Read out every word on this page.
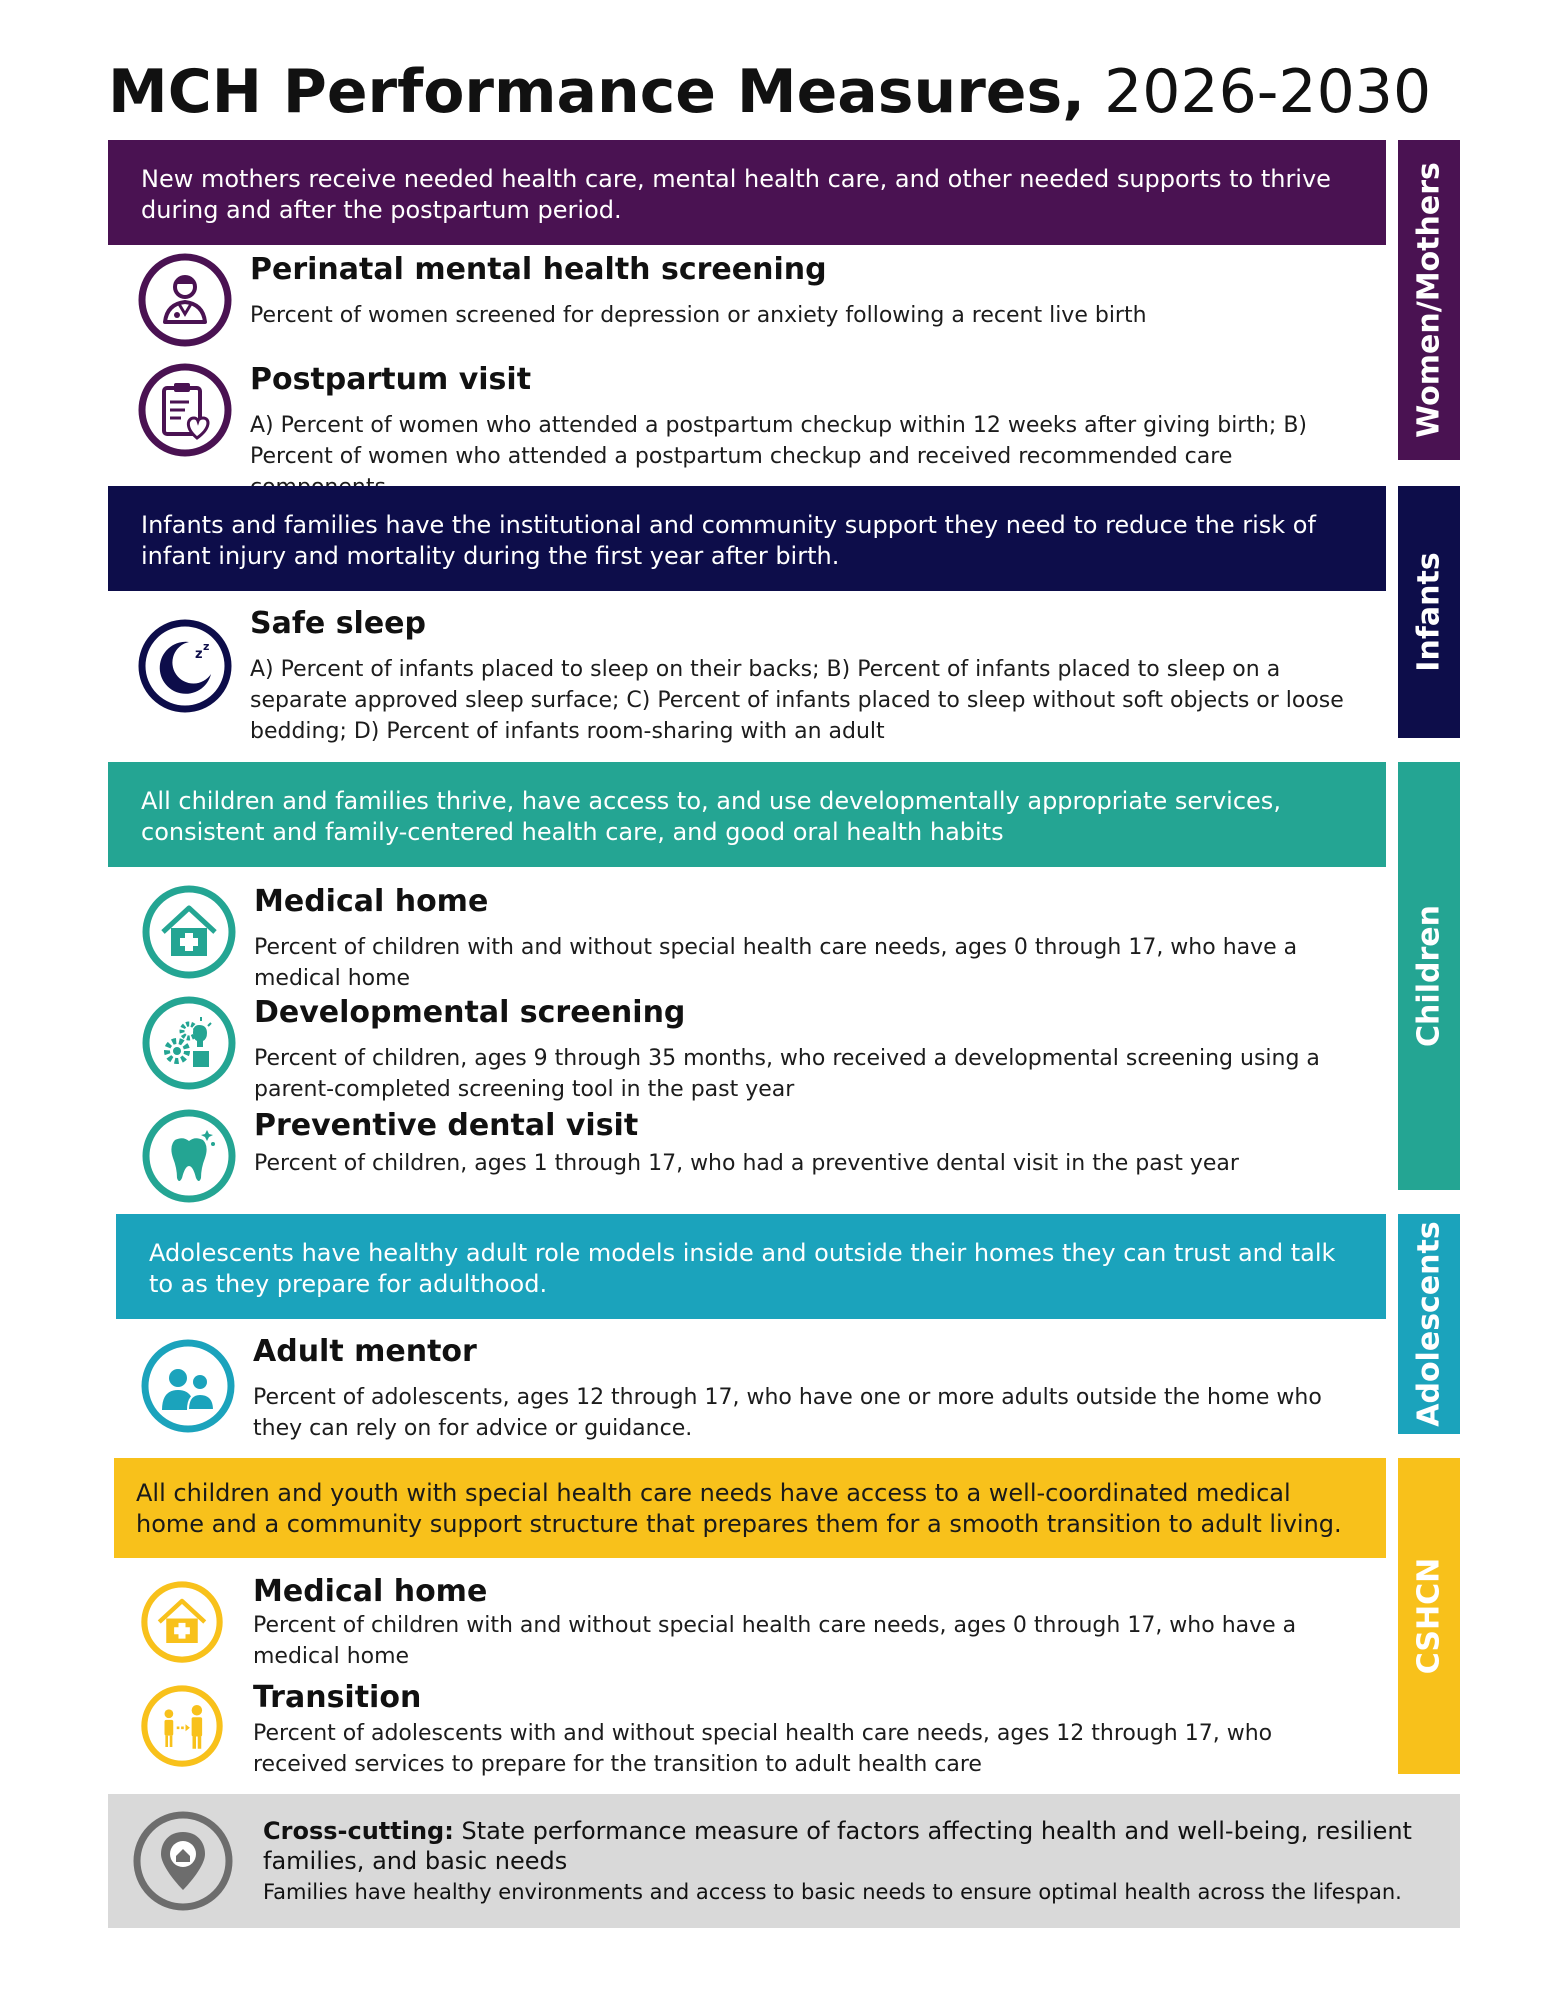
MCH Performance Measures, 2026-2030
New mothers receive needed health care, mental health care, and other needed supports to thrive during and after the postpartum period.	Women/Mothers
Perinatal mental health screening
Percent of women screened for depression or anxiety following a recent live birth
Postpartum visit
A) Percent of women who attended a postpartum checkup within 12 weeks after giving birth; B) Percent of women who attended a postpartum checkup and received recommended care
Infants and families have the institutional and community support they need to reduce the risk of infant injury and mortality during the first year after birth.	Infants
z
z
Safe sleep
A) Percent of infants placed to sleep on their backs; B) Percent of infants placed to sleep on a separate approved sleep surface; C) Percent of infants placed to sleep without soft objects or loose bedding; D) Percent of infants room-sharing with an adult
All children and families thrive, have access to, and use developmentally appropriate services, consistent and family-centered health care, and good oral health habits
Children
Medical home
Percent of children with and without special health care needs, ages 0 through 17, who have a medical home
Developmental screening
Percent of children, ages 9 through 35 months, who received a developmental screening using a parent-completed screening tool in the past year
Preventive dental visit
Percent of children, ages 1 through 17, who had a preventive dental visit in the past year
Adolescents have healthy adult role models inside and outside their homes they can trust and talk to as they prepare for adulthood.	Adolescents
Adult mentor
Percent of adolescents, ages 12 through 17, who have one or more adults outside the home who they can rely on for advice or guidance.
All children and youth with special health care needs have access to a well-coordinated medical home and a community support structure that prepares them for a smooth transition to adult living.
CSHCN
Medical home
Percent of children with and without special health care needs, ages 0 through 17, who have a medical home
Transition
Percent of adolescents with and without special health care needs, ages 12 through 17, who received services to prepare for the transition to adult health care
Cross-cutting: State performance measure of factors affecting health and well-being, resilient families, and basic needs
Families have healthy environments and access to basic needs to ensure optimal health across the lifespan.
